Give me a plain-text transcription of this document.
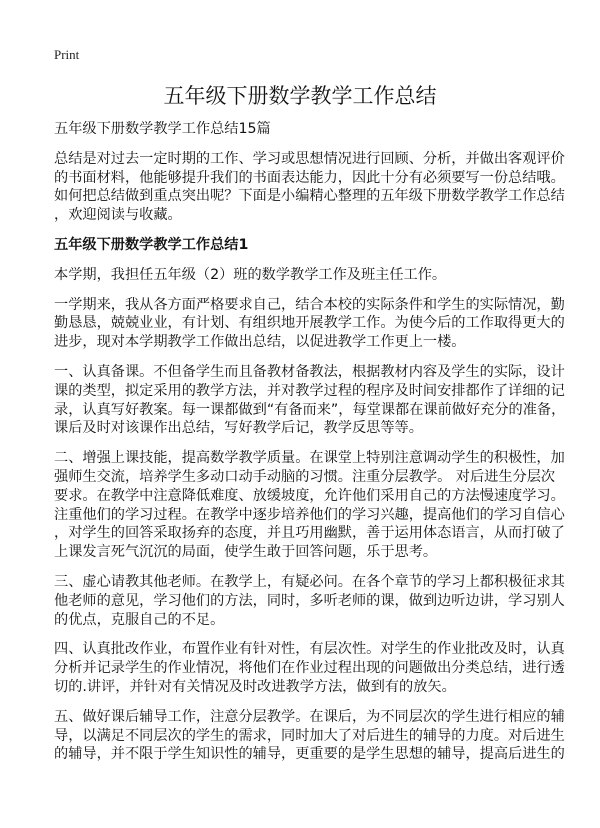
Print
五年级下册数学教学工作总结
五年级下册数学教学工作总结15篇
总结是对过去一定时期的工作、学习或思想情况进行回顾、分析，并做出客观评价
的书面材料，他能够提升我们的书面表达能力，因此十分有必须要写一份总结哦。
如何把总结做到重点突出呢？下面是小编精心整理的五年级下册数学教学工作总结
，欢迎阅读与收藏。
五年级下册数学教学工作总结1
本学期，我担任五年级（2）班的数学教学工作及班主任工作。
一学期来，我从各方面严格要求自己，结合本校的实际条件和学生的实际情况，勤
勤恳恳，兢兢业业，有计划、有组织地开展教学工作。为使今后的工作取得更大的
进步，现对本学期教学工作做出总结，以促进教学工作更上一楼。
一、认真备课。不但备学生而且备教材备教法，根据教材内容及学生的实际，设计
课的类型，拟定采用的教学方法，并对教学过程的程序及时间安排都作了详细的记
录，认真写好教案。每一课都做到“有备而来”，每堂课都在课前做好充分的准备，
课后及时对该课作出总结，写好教学后记，教学反思等等。
二、增强上课技能，提高数学教学质量。在课堂上特别注意调动学生的积极性，加
强师生交流，培养学生多动口动手动脑的习惯。注重分层教学。 对后进生分层次
要求。在教学中注意降低难度、放缓坡度，允许他们采用自己的方法慢速度学习。
注重他们的学习过程。在教学中逐步培养他们的学习兴趣，提高他们的学习自信心
，对学生的回答采取扬弃的态度，并且巧用幽默，善于运用体态语言，从而打破了
上课发言死气沉沉的局面，使学生敢于回答问题，乐于思考。
三、虚心请教其他老师。在教学上，有疑必问。在各个章节的学习上都积极征求其
他老师的意见，学习他们的方法，同时，多听老师的课，做到边听边讲，学习别人
的优点，克服自己的不足。
四、认真批改作业，布置作业有针对性，有层次性。对学生的作业批改及时，认真
分析并记录学生的作业情况，将他们在作业过程出现的问题做出分类总结，进行透
切的.讲评，并针对有关情况及时改进教学方法，做到有的放矢。
五、做好课后辅导工作，注意分层教学。在课后，为不同层次的学生进行相应的辅
导，以满足不同层次的学生的需求，同时加大了对后进生的辅导的力度。对后进生
的辅导，并不限于学生知识性的辅导，更重要的是学生思想的辅导，提高后进生的
